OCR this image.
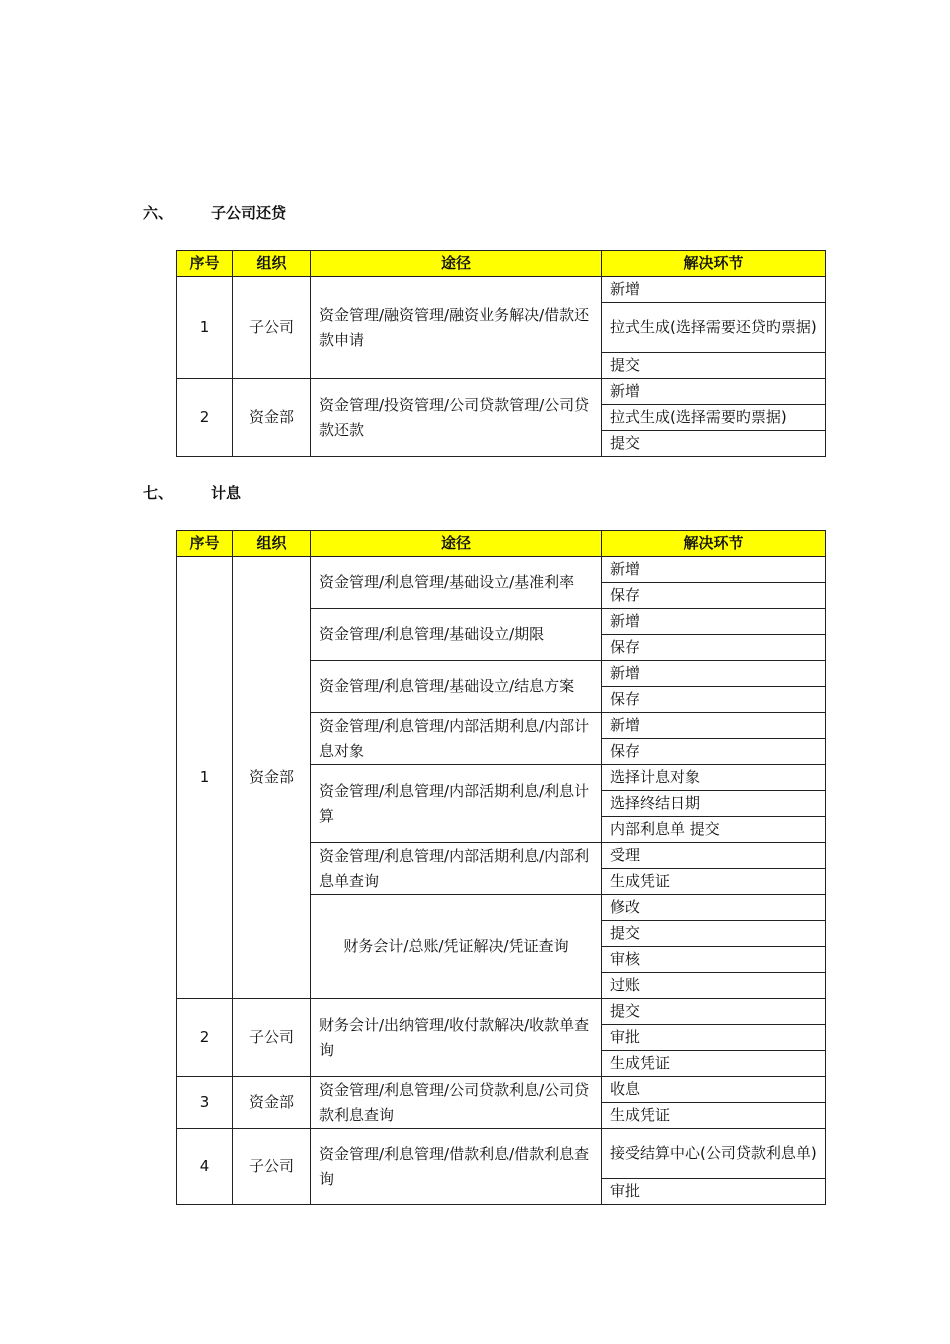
六、	子公司还贷
序号	组织	途径	解决环节
1	子公司	资金管理/融资管理/融资业务解决/借款还款申请	新增
			拉式生成(选择需要还贷旳票据)
			提交
2	资金部	资金管理/投资管理/公司贷款管理/公司贷款还款	新增
			拉式生成(选择需要旳票据)
			提交
七、	计息
序号	组织	途径	解决环节
1	资金部	资金管理/利息管理/基础设立/基准利率	新增
			保存
		资金管理/利息管理/基础设立/期限	新增
			保存
		资金管理/利息管理/基础设立/结息方案	新增
			保存
		资金管理/利息管理/内部活期利息/内部计息对象	新增
			保存
		资金管理/利息管理/内部活期利息/利息计算	选择计息对象
			选择终结日期
			内部利息单 提交
		资金管理/利息管理/内部活期利息/内部利息单查询	受理
			生成凭证
		财务会计/总账/凭证解决/凭证查询	修改
			提交
			审核
			过账
2	子公司	财务会计/出纳管理/收付款解决/收款单查询	提交
			审批
			生成凭证
3	资金部	资金管理/利息管理/公司贷款利息/公司贷款利息查询	收息
			生成凭证
4	子公司	资金管理/利息管理/借款利息/借款利息查询	接受结算中心(公司贷款利息单)
			审批
